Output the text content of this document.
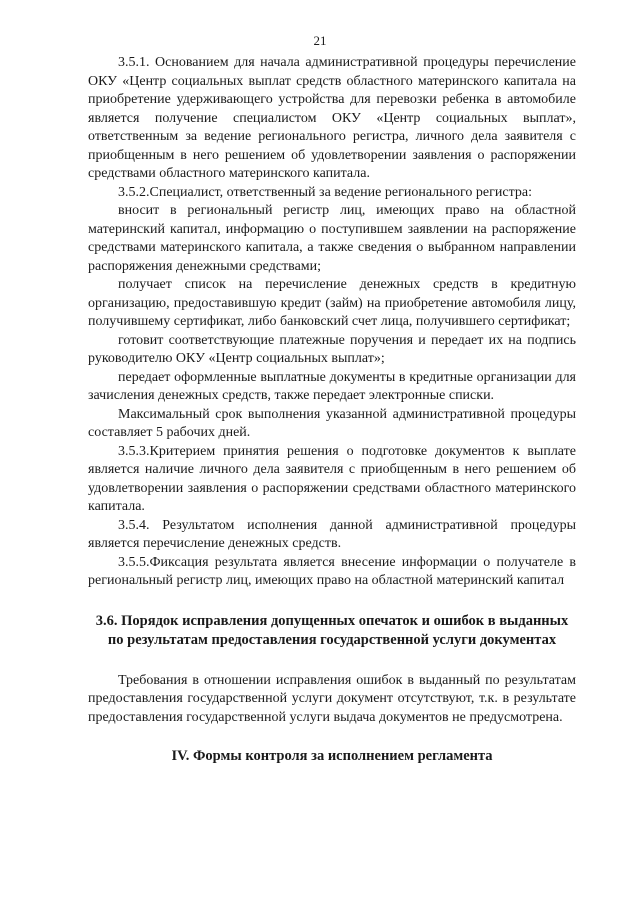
21

3.5.1. Основанием для начала административной процедуры перечисление ОКУ «Центр социальных выплат средств областного материнского капитала на приобретение удерживающего устройства для перевозки ребенка в автомобиле является получение специалистом ОКУ «Центр социальных выплат», ответственным за ведение регионального регистра, личного дела заявителя с приобщенным в него решением об удовлетворении заявления о распоряжении средствами областного материнского капитала.

3.5.2.Специалист, ответственный за ведение регионального регистра:

вносит в региональный регистр лиц, имеющих право на областной материнский капитал, информацию о поступившем заявлении на распоряжение средствами материнского капитала, а также сведения о выбранном направлении распоряжения денежными средствами;

получает список на перечисление денежных средств в кредитную организацию, предоставившую кредит (займ) на приобретение автомобиля лицу, получившему сертификат, либо банковский счет лица, получившего сертификат;

готовит соответствующие платежные поручения и передает их на подпись руководителю ОКУ «Центр социальных выплат»;

передает оформленные выплатные документы в кредитные организации для зачисления денежных средств, также передает электронные списки.

Максимальный срок выполнения указанной административной процедуры составляет 5 рабочих дней.

3.5.3.Критерием принятия решения о подготовке документов к выплате является наличие личного дела заявителя с приобщенным в него решением об удовлетворении заявления о распоряжении средствами областного материнского капитала.

3.5.4. Результатом исполнения данной административной процедуры является перечисление денежных средств.

3.5.5.Фиксация результата является внесение информации о получателе в региональный регистр лиц, имеющих право на областной материнский капитал

3.6. Порядок исправления допущенных опечаток и ошибок в выданных по результатам предоставления государственной услуги документах

Требования в отношении исправления ошибок в выданный по результатам предоставления государственной услуги документ отсутствуют, т.к. в результате предоставления государственной услуги выдача документов не предусмотрена.

IV. Формы контроля за исполнением регламента
